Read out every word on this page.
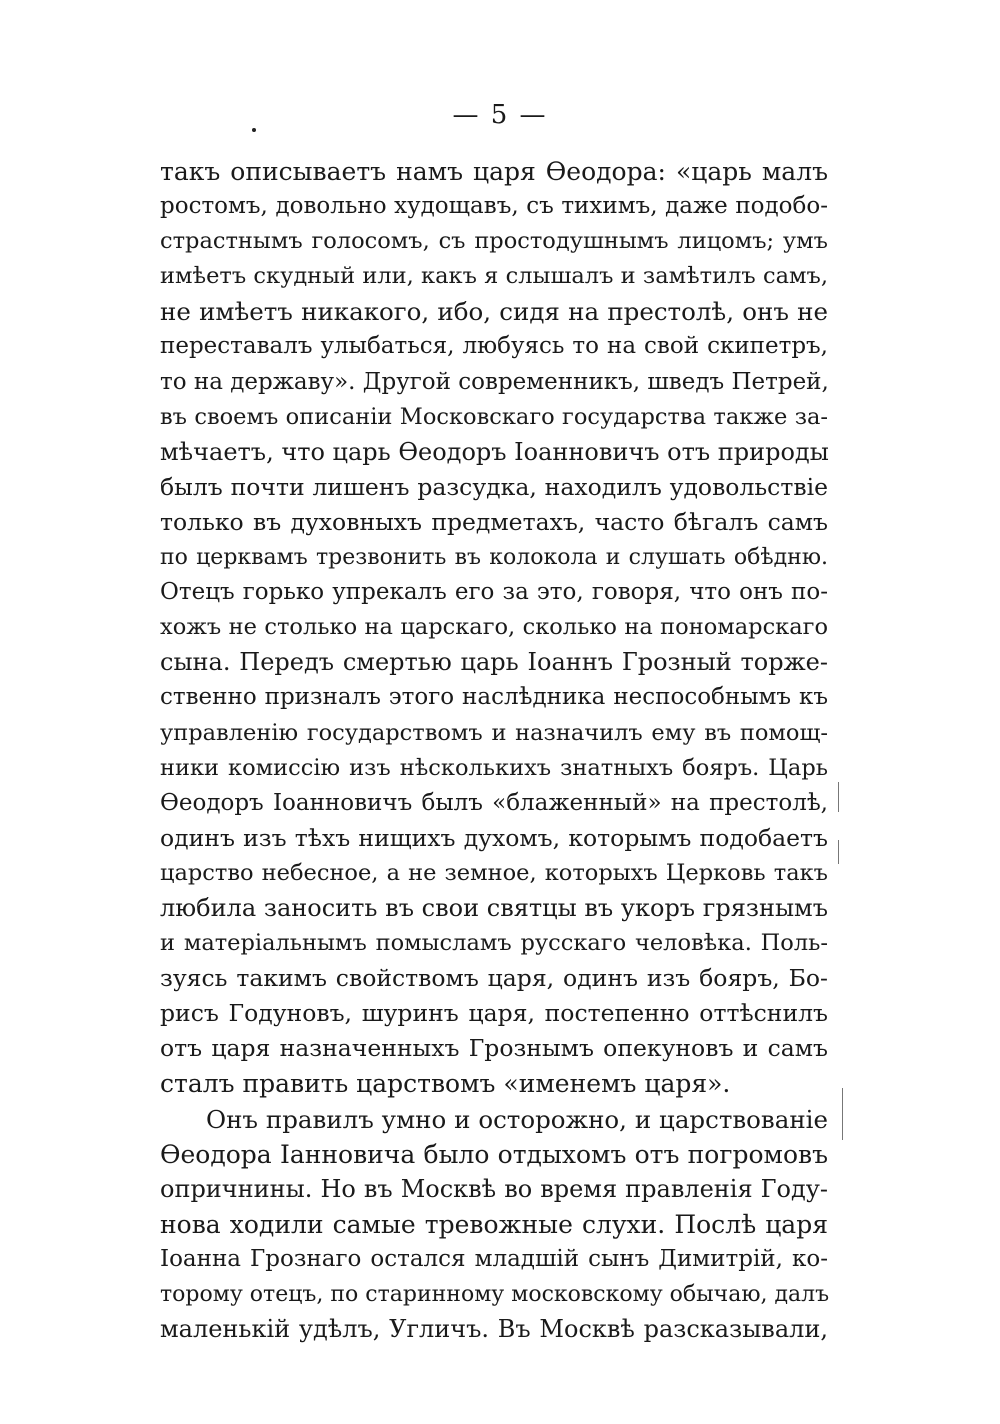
— 5 —
такъ описываетъ намъ царя Өеодора: «царь малъ
ростомъ, довольно худощавъ, съ тихимъ, даже подобо-
страстнымъ голосомъ, съ простодушнымъ лицомъ; умъ
имѣетъ скудный или, какъ я слышалъ и замѣтилъ самъ,
не имѣетъ никакого, ибо, сидя на престолѣ, онъ не
переставалъ улыбаться, любуясь то на свой скипетръ,
то на державу». Другой современникъ, шведъ Петрей,
въ своемъ описаніи Московскаго государства также за-
мѣчаетъ, что царь Өеодоръ Іоанновичъ отъ природы
былъ почти лишенъ разсудка, находилъ удовольствіе
только въ духовныхъ предметахъ, часто бѣгалъ самъ
по церквамъ трезвонить въ колокола и слушать обѣдню.
Отецъ горько упрекалъ его за это, говоря, что онъ по-
хожъ не столько на царскаго, сколько на пономарскаго
сына. Передъ смертью царь Іоаннъ Грозный торже-
ственно призналъ этого наслѣдника неспособнымъ къ
управленію государствомъ и назначилъ ему въ помощ-
ники комиссію изъ нѣсколькихъ знатныхъ бояръ. Царь
Өеодоръ Іоанновичъ былъ «блаженный» на престолѣ,
одинъ изъ тѣхъ нищихъ духомъ, которымъ подобаетъ
царство небесное, а не земное, которыхъ Церковь такъ
любила заносить въ свои святцы въ укоръ грязнымъ
и матеріальнымъ помысламъ русскаго человѣка. Поль-
зуясь такимъ свойствомъ царя, одинъ изъ бояръ, Бо-
рисъ Годуновъ, шуринъ царя, постепенно оттѣснилъ
отъ царя назначенныхъ Грознымъ опекуновъ и самъ
сталъ править царствомъ «именемъ царя».
Онъ правилъ умно и осторожно, и царствованіе
Өеодора Іанновича было отдыхомъ отъ погромовъ
опричнины. Но въ Москвѣ во время правленія Году-
нова ходили самые тревожные слухи. Послѣ царя
Іоанна Грознаго остался младшій сынъ Димитрій, ко-
торому отецъ, по старинному московскому обычаю, далъ
маленькій удѣлъ, Угличъ. Въ Москвѣ разсказывали,
